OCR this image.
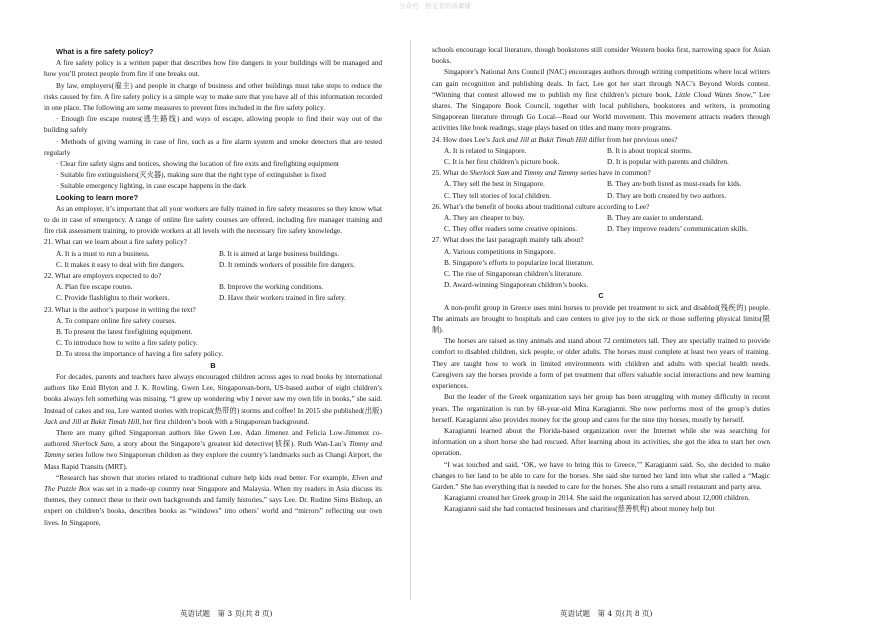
公众号：拾光者的备课铺

What is a fire safety policy?

A fire safety policy is a written paper that describes how fire dangers in your buildings will be managed and how you’ll protect people from fire if one breaks out.

By law, employers(雇主) and people in charge of business and other buildings must take steps to reduce the risks caused by fire. A fire safety policy is a simple way to make sure that you have all of this information recorded in one place. The following are some measures to prevent fires included in the fire safety policy.

· Enough fire escape routes(逃生路线) and ways of escape, allowing people to find their way out of the building safely

· Methods of giving warning in case of fire, such as a fire alarm system and smoke detectors that are tested regularly

· Clear fire safety signs and notices, showing the location of fire exits and firefighting equipment

· Suitable fire extinguishers(灭火器), making sure that the right type of extinguisher is fixed

· Suitable emergency lighting, in case escape happens in the dark

Looking to learn more?

As an employer, it’s important that all your workers are fully trained in fire safety measures so they know what to do in case of emergency. A range of online fire safety courses are offered, including fire manager training and fire risk assessment training, to provide workers at all levels with the necessary fire safety knowledge.

21. What can we learn about a fire safety policy?

A. It is a must to run a business.	B. It is aimed at large business buildings.
C. It makes it easy to deal with fire dangers.	D. It reminds workers of possible fire dangers.

22. What are employers expected to do?

A. Plan fire escape routes.	B. Improve the working conditions.
C. Provide flashlights to their workers.	D. Have their workers trained in fire safety.

23. What is the author’s purpose in writing the text?

A. To compare online fire safety courses.

B. To present the latest firefighting equipment.

C. To introduce how to write a fire safety policy.

D. To stress the importance of having a fire safety policy.

B

For decades, parents and teachers have always encouraged children across ages to read books by international authors like Enid Blyton and J. K. Rowling. Gwen Lee, Singaporean-born, US-based author of eight children’s books always felt something was missing. “I grew up wondering why I never saw my own life in books,” she said. Instead of cakes and tea, Lee wanted stories with tropical(热带的) storms and coffee! In 2015 she published(出版) Jack and Jill at Bukit Timah Hill, her first children’s book with a Singaporean background.

There are many gifted Singaporean authors like Gwen Lee. Adan Jimenez and Felicia Low-Jimenez co-authored Sherlock Sam, a story about the Singapore’s greatest kid detective(侦探). Ruth Wan-Lau’s Timmy and Tammy series follow two Singaporean children as they explore the country’s landmarks such as Changi Airport, the Mass Rapid Transits (MRT).

“Research has shown that stories related to traditional culture help kids read better. For example, Elven and The Puzzle Box was set in a made-up country near Singapore and Malaysia. When my readers in Asia discuss its themes, they connect these to their own backgrounds and family histories,” says Lee. Dr. Rudine Sims Bishop, an expert on children’s books, describes books as “windows” into others’ world and “mirrors” reflecting our own lives. In Singapore,

schools encourage local literature, though bookstores still consider Western books first, narrowing space for Asian books.

Singapore’s National Arts Council (NAC) encourages authors through writing competitions where local writers can gain recognition and publishing deals. In fact, Lee got her start through NAC’s Beyond Words contest. “Winning that contest allowed me to publish my first children’s picture book, Little Cloud Wants Snow,” Lee shares. The Singapore Book Council, together with local publishers, bookstores and writers, is promoting Singaporean literature through Go Local—Read our World movement. This movement attracts readers through activities like book readings, stage plays based on titles and many more programs.

24. How does Lee’s Jack and Jill at Bukit Timah Hill differ from her previous ones?

A. It is related to Singapore.	B. It is about tropical storms.
C. It is her first children’s picture book.	D. It is popular with parents and children.

25. What do Sherlock Sam and Timmy and Tammy series have in common?

A. They sell the best in Singapore.	B. They are both listed as must-reads for kids.
C. They tell stories of local children.	D. They are both created by two authors.

26. What’s the benefit of books about traditional culture according to Lee?

A. They are cheaper to buy.	B. They are easier to understand.
C. They offer readers some creative opinions.	D. They improve readers’ communication skills.

27. What does the last paragraph mainly talk about?

A. Various competitions in Singapore.

B. Singapore’s efforts to popularize local literature.

C. The rise of Singaporean children’s literature.

D. Award-winning Singaporean children’s books.

C

A non-profit group in Greece uses mini horses to provide pet treatment to sick and disabled(残疾的) people. The animals are brought to hospitals and care centers to give joy to the sick or those suffering physical limits(限制).

The horses are raised as tiny animals and stand about 72 centimeters tall. They are specially trained to provide comfort to disabled children, sick people, or older adults. The horses must complete at least two years of training. They are taught how to work in limited environments with children and adults with special health needs. Caregivers say the horses provide a form of pet treatment that offers valuable social interactions and new learning experiences.

But the leader of the Greek organization says her group has been struggling with money difficulty in recent years. The organization is run by 68-year-old Mina Karagianni. She now performs most of the group’s duties herself. Karagianni also provides money for the group and cares for the nine tiny horses, mostly by herself.

Karagianni learned about the Florida-based organization over the Internet while she was searching for information on a short horse she had rescued. After learning about its activities, she got the idea to start her own operation.

“I was touched and said, ‘OK, we have to bring this to Greece,’” Karagianni said. So, she decided to make changes to her land to be able to care for the horses. She said she turned her land into what she called a “Magic Garden.” She has everything that is needed to care for the horses. She also runs a small restaurant and party area.

Karagianni created her Greek group in 2014. She said the organization has served about 12,000 children.

Karagianni said she had contacted businesses and charities(慈善机构) about money help but

英语试题　第 3 页(共 8 页)	英语试题　第 4 页(共 8 页)
